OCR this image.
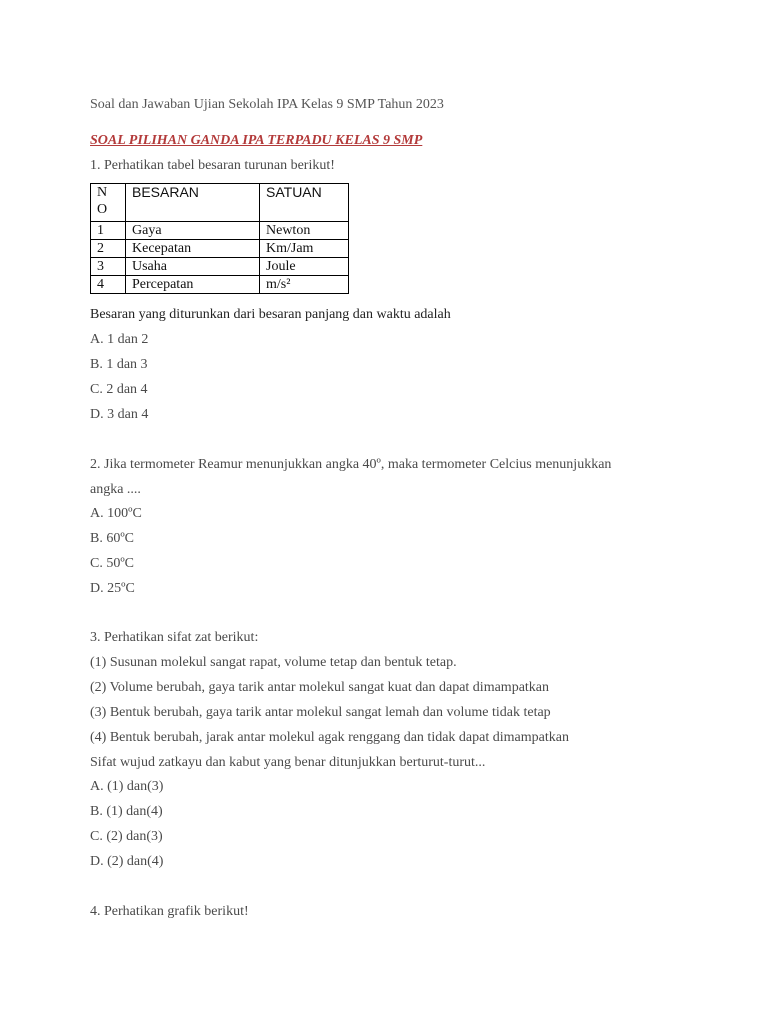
Soal dan Jawaban Ujian Sekolah IPA Kelas 9 SMP Tahun 2023
SOAL PILIHAN GANDA IPA TERPADU KELAS 9 SMP
1. Perhatikan tabel besaran turunan berikut!
N O	BESARAN	SATUAN
1	Gaya	Newton
2	Kecepatan	Km/Jam
3	Usaha	Joule
4	Percepatan	m/s²
Besaran yang diturunkan dari besaran panjang dan waktu adalah
A. 1 dan 2
B. 1 dan 3
C. 2 dan 4
D. 3 dan 4
2. Jika termometer Reamur menunjukkan angka 40º, maka termometer Celcius menunjukkan
angka ....
A. 100ºC
B. 60ºC
C. 50ºC
D. 25ºC
3. Perhatikan sifat zat berikut:
(1) Susunan molekul sangat rapat, volume tetap dan bentuk tetap.
(2) Volume berubah, gaya tarik antar molekul sangat kuat dan dapat dimampatkan
(3) Bentuk berubah, gaya tarik antar molekul sangat lemah dan volume tidak tetap
(4) Bentuk berubah, jarak antar molekul agak renggang dan tidak dapat dimampatkan
Sifat wujud zatkayu dan kabut yang benar ditunjukkan berturut-turut...
A. (1) dan(3)
B. (1) dan(4)
C. (2) dan(3)
D. (2) dan(4)
4. Perhatikan grafik berikut!
